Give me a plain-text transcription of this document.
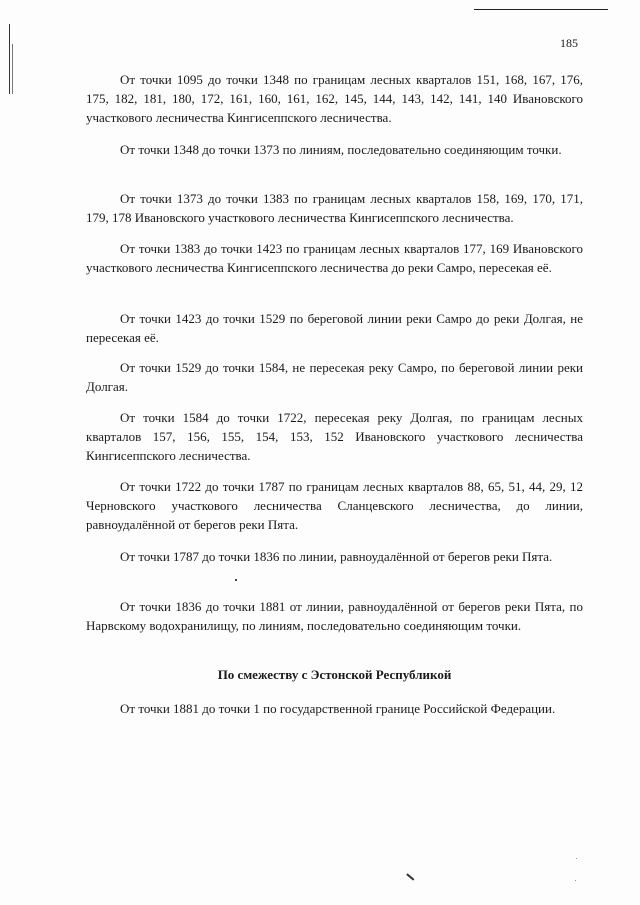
185

От точки 1095 до точки 1348 по границам лесных кварталов 151, 168, 167, 176, 175, 182, 181, 180, 172, 161, 160, 161, 162, 145, 144, 143, 142, 141, 140 Ивановского участкового лесничества Кингисеппского лесничества.

От точки 1348 до точки 1373 по линиям, последовательно соединяющим точки.

От точки 1373 до точки 1383 по границам лесных кварталов 158, 169, 170, 171, 179, 178 Ивановского участкового лесничества Кингисеппского лесничества.

От точки 1383 до точки 1423 по границам лесных кварталов 177, 169 Ивановского участкового лесничества Кингисеппского лесничества до реки Самро, пересекая её.

От точки 1423 до точки 1529 по береговой линии реки Самро до реки Долгая, не пересекая её.

От точки 1529 до точки 1584, не пересекая реку Самро, по береговой линии реки Долгая.

От точки 1584 до точки 1722, пересекая реку Долгая, по границам лесных кварталов 157, 156, 155, 154, 153, 152 Ивановского участкового лесничества Кингисеппского лесничества.

От точки 1722 до точки 1787 по границам лесных кварталов 88, 65, 51, 44, 29, 12 Черновского участкового лесничества Сланцевского лесничества, до линии, равноудалённой от берегов реки Пята.

От точки 1787 до точки 1836 по линии, равноудалённой от берегов реки Пята.

От точки 1836 до точки 1881 от линии, равноудалённой от берегов реки Пята, по Нарвскому водохранилищу, по линиям, последовательно соединяющим точки.

По смежеству с Эстонской Республикой

От точки 1881 до точки 1 по государственной границе Российской Федерации.
